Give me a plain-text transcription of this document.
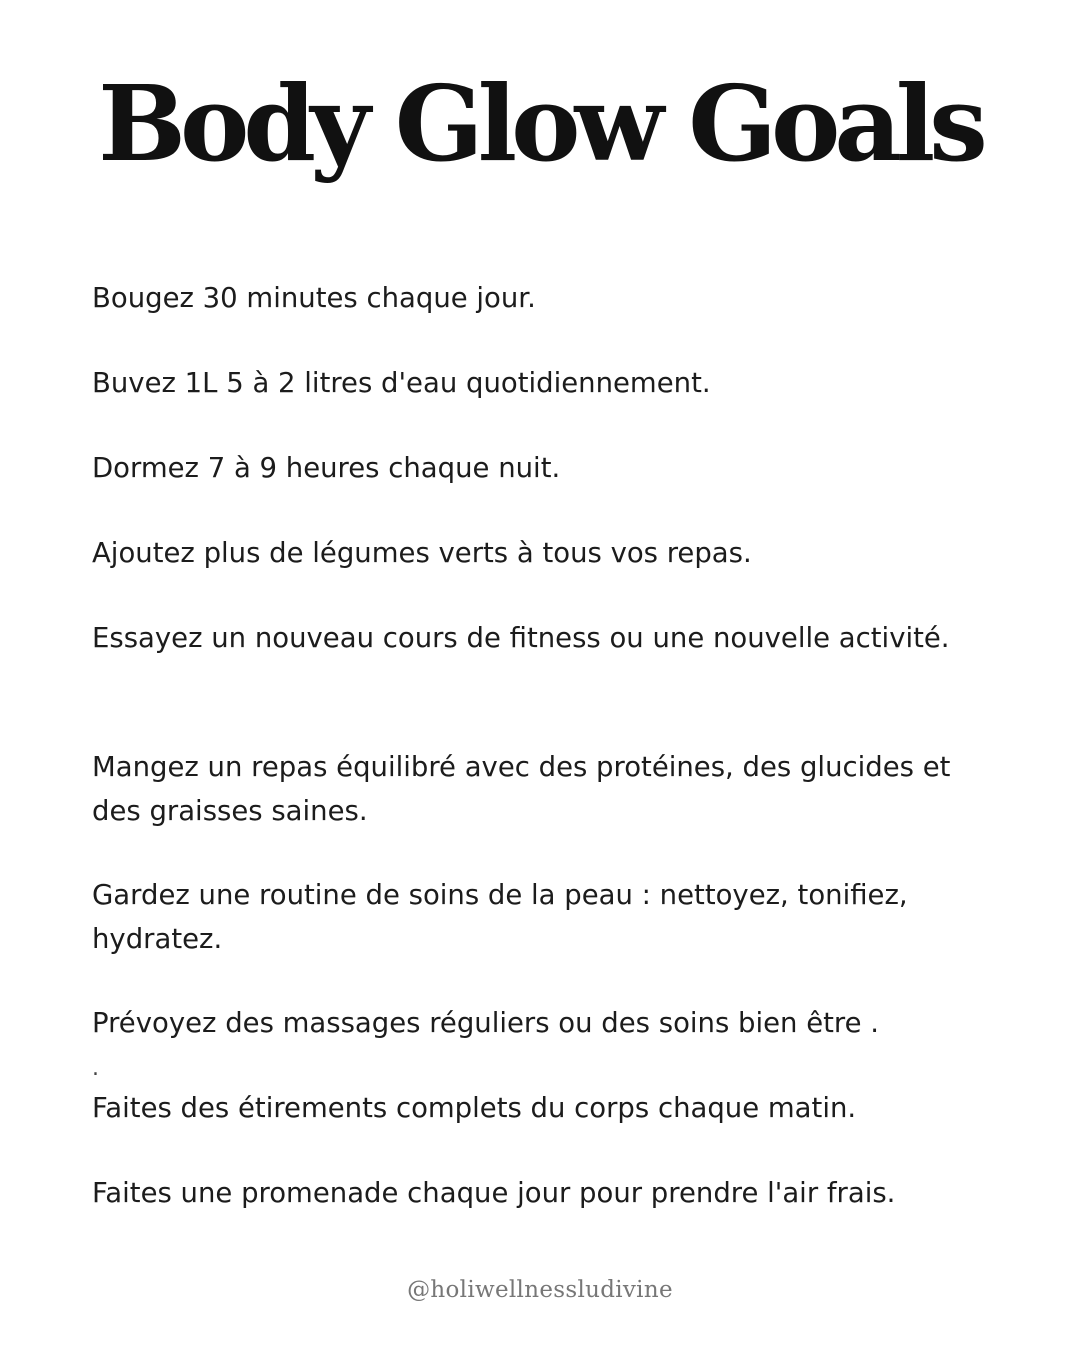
Body Glow Goals
Bougez 30 minutes chaque jour.
Buvez 1L 5 à 2 litres d'eau quotidiennement.
Dormez 7 à 9 heures chaque nuit.
Ajoutez plus de légumes verts à tous vos repas.
Essayez un nouveau cours de fitness ou une nouvelle activité.
Mangez un repas équilibré avec des protéines, des glucides et des graisses saines.
Gardez une routine de soins de la peau : nettoyez, tonifiez, hydratez.
Prévoyez des massages réguliers ou des soins bien être .
Faites des étirements complets du corps chaque matin.
Faites une promenade chaque jour pour prendre l'air frais.
.
@holiwellnessludivine
